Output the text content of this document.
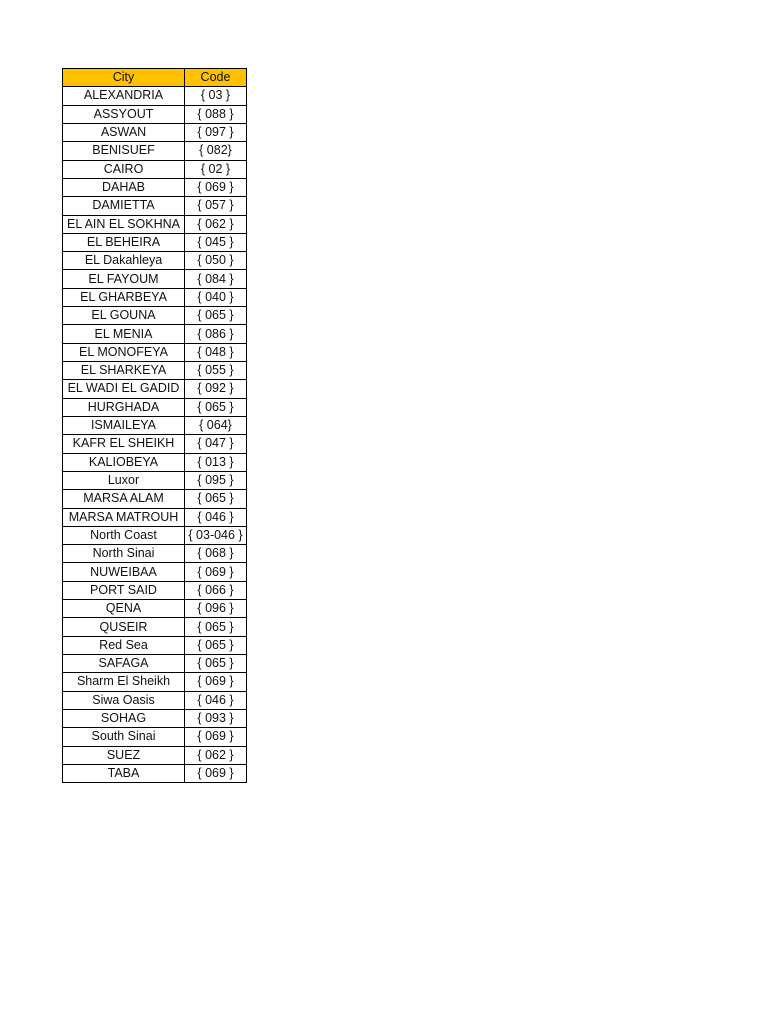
City	Code
ALEXANDRIA	{ 03 }
ASSYOUT	{ 088 }
ASWAN	{ 097 }
BENISUEF	{ 082}
CAIRO	{ 02 }
DAHAB	{ 069 }
DAMIETTA	{ 057 }
EL AIN EL SOKHNA	{ 062 }
EL BEHEIRA	{ 045 }
EL Dakahleya	{ 050 }
EL FAYOUM	{ 084 }
EL GHARBEYA	{ 040 }
EL GOUNA	{ 065 }
EL MENIA	{ 086 }
EL MONOFEYA	{ 048 }
EL SHARKEYA	{ 055 }
EL WADI EL GADID	{ 092 }
HURGHADA	{ 065 }
ISMAILEYA	{ 064}
KAFR EL SHEIKH	{ 047 }
KALIOBEYA	{ 013 }
Luxor	{ 095 }
MARSA ALAM	{ 065 }
MARSA MATROUH	{ 046 }
North Coast	{ 03-046 }
North Sinai	{ 068 }
NUWEIBAA	{ 069 }
PORT SAID	{ 066 }
QENA	{ 096 }
QUSEIR	{ 065 }
Red Sea	{ 065 }
SAFAGA	{ 065 }
Sharm El Sheikh	{ 069 }
Siwa Oasis	{ 046 }
SOHAG	{ 093 }
South Sinai	{ 069 }
SUEZ	{ 062 }
TABA	{ 069 }
